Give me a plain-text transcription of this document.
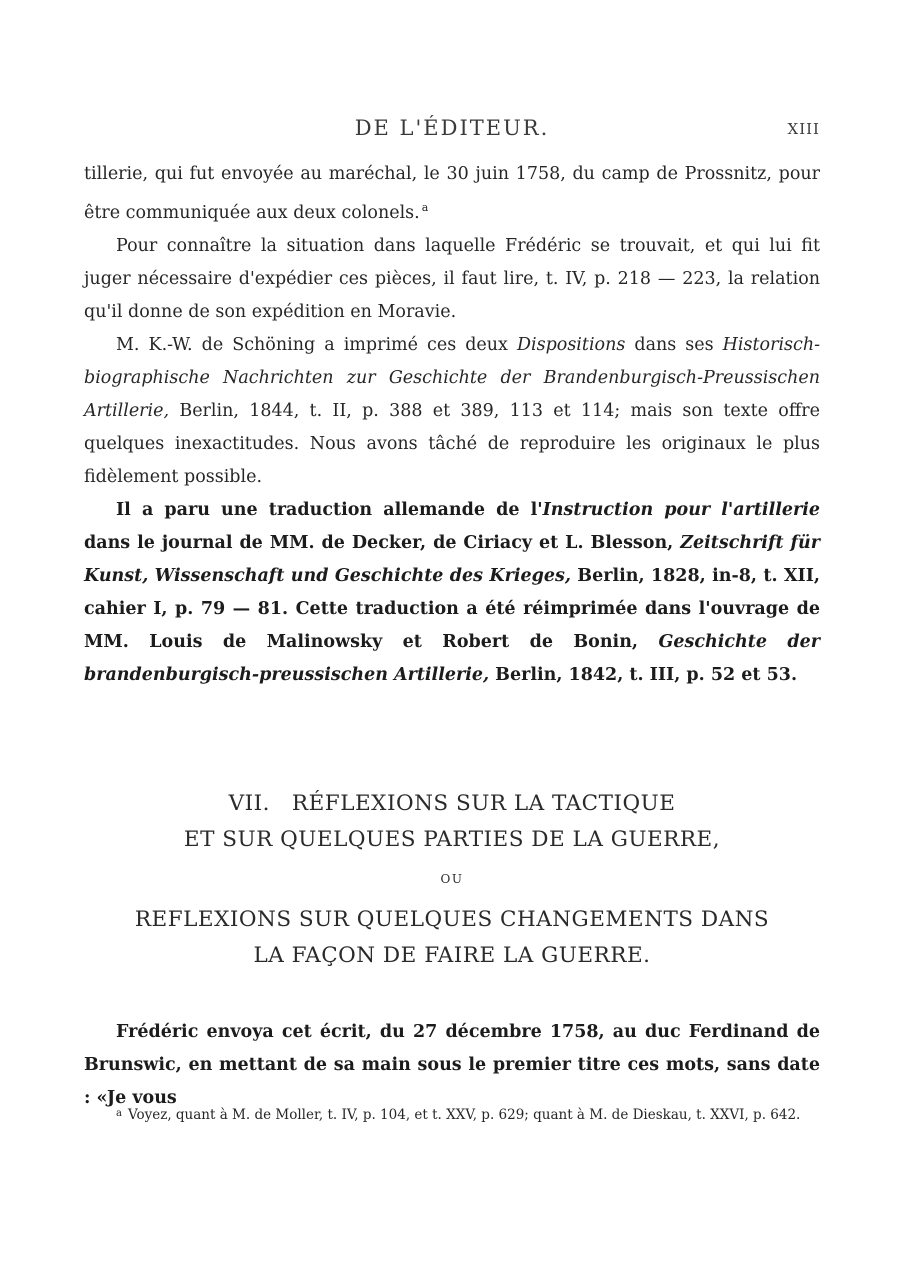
DE L'ÉDITEUR.	XIII

tillerie, qui fut envoyée au maréchal, le 30 juin 1758, du camp de Prossnitz, pour être communiquée aux deux colonels. $^a$

Pour connaître la situation dans laquelle Frédéric se trouvait, et qui lui fit juger nécessaire d'expédier ces pièces, il faut lire, t. IV, p. 218 — 223, la relation qu'il donne de son expédition en Moravie.

M. K.-W. de Schöning a imprimé ces deux Dispositions dans ses Historisch-biographische Nachrichten zur Geschichte der Brandenburgisch-Preussischen Artillerie, Berlin, 1844, t. II, p. 388 et 389, 113 et 114; mais son texte offre quelques inexactitudes. Nous avons tâché de reproduire les originaux le plus fidèlement possible.

Il a paru une traduction allemande de l'Instruction pour l'artillerie dans le journal de MM. de Decker, de Ciriacy et L. Blesson, Zeitschrift für Kunst, Wissenschaft und Geschichte des Krieges, Berlin, 1828, in-8, t. XII, cahier I, p. 79 — 81. Cette traduction a été réimprimée dans l'ouvrage de MM. Louis de Malinowsky et Robert de Bonin, Geschichte der brandenburgisch-preussischen Artillerie, Berlin, 1842, t. III, p. 52 et 53.

VII.   RÉFLEXIONS SUR LA TACTIQUE
ET SUR QUELQUES PARTIES DE LA GUERRE,
OU
REFLEXIONS SUR QUELQUES CHANGEMENTS DANS
LA FAÇON DE FAIRE LA GUERRE.

Frédéric envoya cet écrit, du 27 décembre 1758, au duc Ferdinand de Brunswic, en mettant de sa main sous le premier titre ces mots, sans date : «Je vous

$^a$ Voyez, quant à M. de Moller, t. IV, p. 104, et t. XXV, p. 629; quant à M. de Dieskau, t. XXVI, p. 642.
